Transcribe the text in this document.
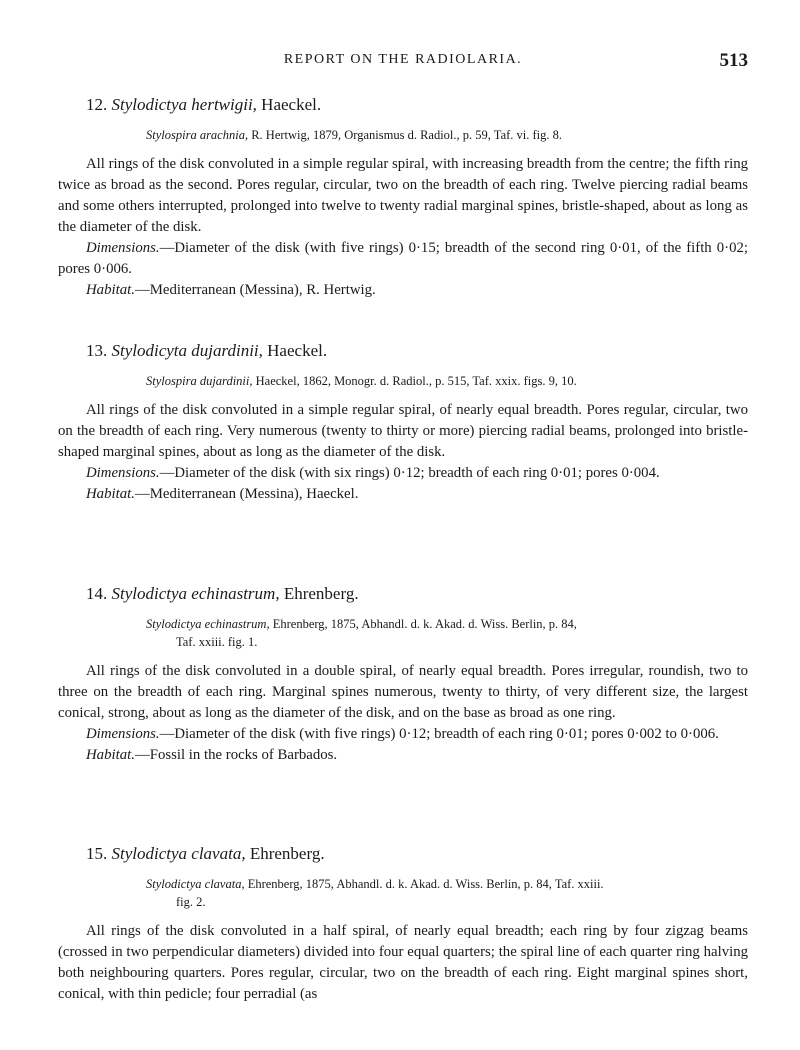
REPORT ON THE RADIOLARIA.	513

12. Stylodictya hertwigii, Haeckel.

Stylospira arachnia, R. Hertwig, 1879, Organismus d. Radiol., p. 59, Taf. vi. fig. 8.

All rings of the disk convoluted in a simple regular spiral, with increasing breadth from the centre; the fifth ring twice as broad as the second. Pores regular, circular, two on the breadth of each ring. Twelve piercing radial beams and some others interrupted, prolonged into twelve to twenty radial marginal spines, bristle-shaped, about as long as the diameter of the disk.

Dimensions.—Diameter of the disk (with five rings) 0·15; breadth of the second ring 0·01, of the fifth 0·02; pores 0·006.

Habitat.—Mediterranean (Messina), R. Hertwig.

13. Stylodicyta dujardinii, Haeckel.

Stylospira dujardinii, Haeckel, 1862, Monogr. d. Radiol., p. 515, Taf. xxix. figs. 9, 10.

All rings of the disk convoluted in a simple regular spiral, of nearly equal breadth. Pores regular, circular, two on the breadth of each ring. Very numerous (twenty to thirty or more) piercing radial beams, prolonged into bristle-shaped marginal spines, about as long as the diameter of the disk.

Dimensions.—Diameter of the disk (with six rings) 0·12; breadth of each ring 0·01; pores 0·004.

Habitat.—Mediterranean (Messina), Haeckel.

14. Stylodictya echinastrum, Ehrenberg.

Stylodictya echinastrum, Ehrenberg, 1875, Abhandl. d. k. Akad. d. Wiss. Berlin, p. 84,
Taf. xxiii. fig. 1.

All rings of the disk convoluted in a double spiral, of nearly equal breadth. Pores irregular, roundish, two to three on the breadth of each ring. Marginal spines numerous, twenty to thirty, of very different size, the largest conical, strong, about as long as the diameter of the disk, and on the base as broad as one ring.

Dimensions.—Diameter of the disk (with five rings) 0·12; breadth of each ring 0·01; pores 0·002 to 0·006.

Habitat.—Fossil in the rocks of Barbados.

15. Stylodictya clavata, Ehrenberg.

Stylodictya clavata, Ehrenberg, 1875, Abhandl. d. k. Akad. d. Wiss. Berlin, p. 84, Taf. xxiii.
fig. 2.

All rings of the disk convoluted in a half spiral, of nearly equal breadth; each ring by four zigzag beams (crossed in two perpendicular diameters) divided into four equal quarters; the spiral line of each quarter ring halving both neighbouring quarters. Pores regular, circular, two on the breadth of each ring. Eight marginal spines short, conical, with thin pedicle; four perradial (as
